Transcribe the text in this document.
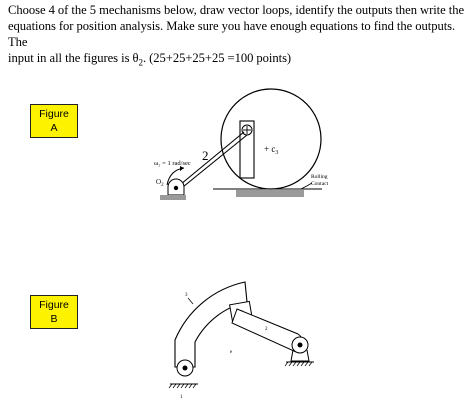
Choose 4 of the 5 mechanisms below, draw vector loops, identify the outputs then write the
equations for position analysis. Make sure you have enough equations to find the outputs. The
input in all the figures is $\theta_2$. (25+25+25+25 =100 points)

Figure A
Figure B
2	+ $c_3$
ω₂ = 1 rad/sec
$O_2$
Rolling
Contact
3
2
e
1
